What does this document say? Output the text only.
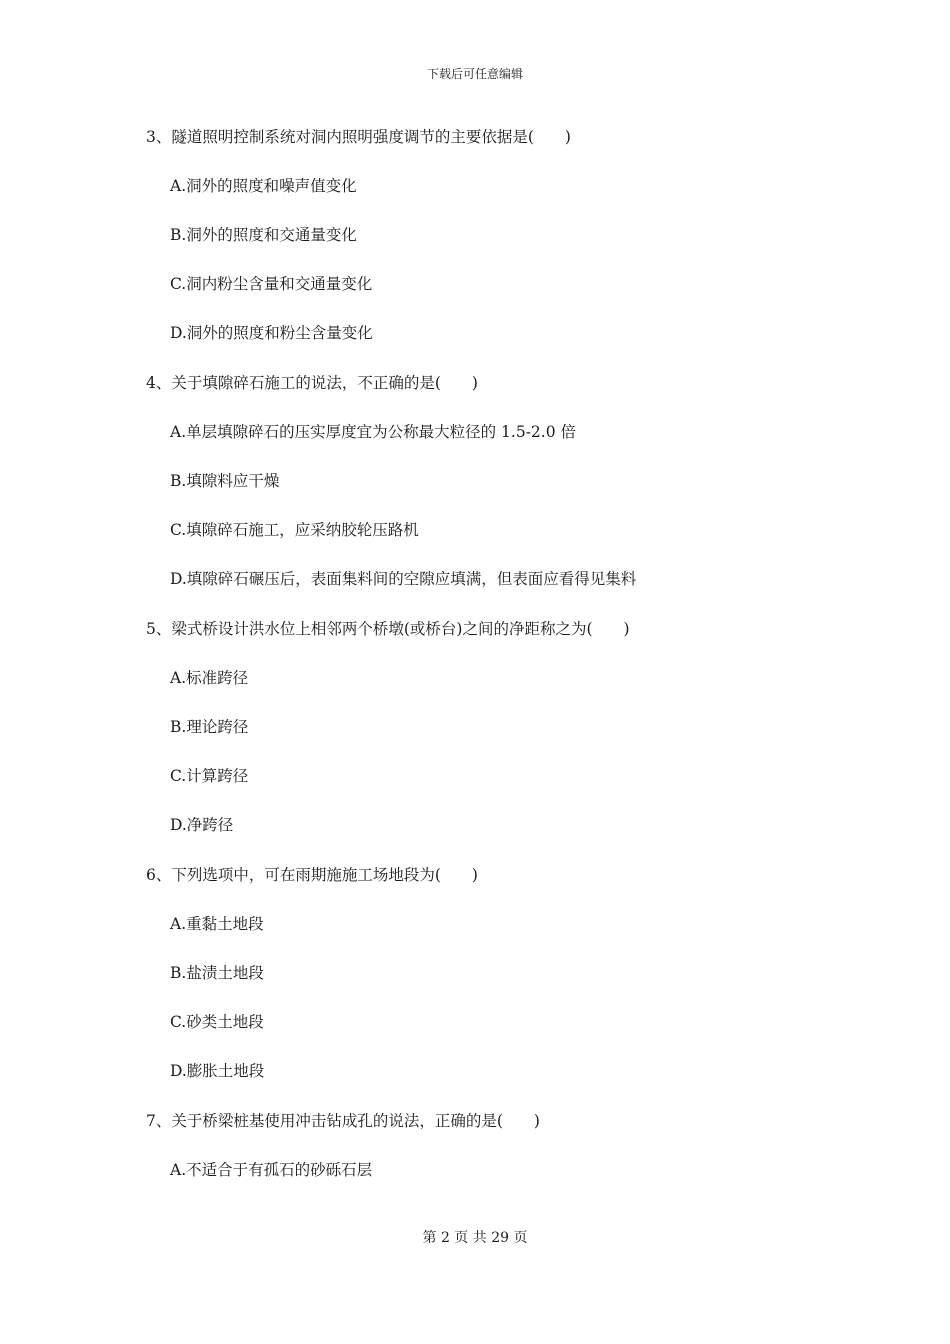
下载后可任意编辑
3、隧道照明控制系统对洞内照明强度调节的主要依据是(　　)
A.洞外的照度和噪声值变化
B.洞外的照度和交通量变化
C.洞内粉尘含量和交通量变化
D.洞外的照度和粉尘含量变化
4、关于填隙碎石施工的说法，不正确的是(　　)
A.单层填隙碎石的压实厚度宜为公称最大粒径的 1.5-2.0 倍
B.填隙料应干燥
C.填隙碎石施工，应采纳胶轮压路机
D.填隙碎石碾压后，表面集料间的空隙应填满，但表面应看得见集料
5、梁式桥设计洪水位上相邻两个桥墩(或桥台)之间的净距称之为(　　)
A.标准跨径
B.理论跨径
C.计算跨径
D.净跨径
6、下列选项中，可在雨期施施工场地段为(　　)
A.重黏土地段
B.盐渍土地段
C.砂类土地段
D.膨胀土地段
7、关于桥梁桩基使用冲击钻成孔的说法，正确的是(　　)
A.不适合于有孤石的砂砾石层
第 2 页 共 29 页
